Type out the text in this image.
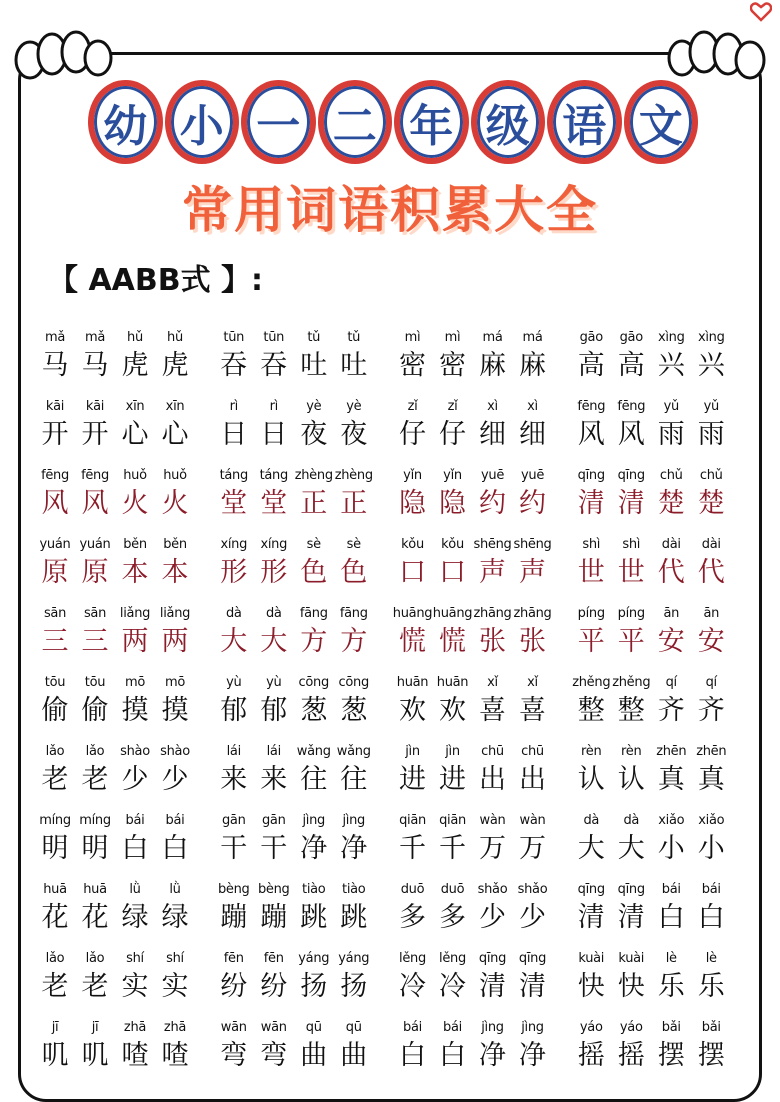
幼 小 一 二 年 级 语 文
常用词语积累大全
【 AABB式 】:
mǎ
马
mǎ
马
hǔ
虎
hǔ
虎
tūn
吞
tūn
吞
tǔ
吐
tǔ
吐
mì
密
mì
密
má
麻
má
麻
gāo
高
gāo
高
xìng
兴
xìng
兴
kāi
开
kāi
开
xīn
心
xīn
心
rì
日
rì
日
yè
夜
yè
夜
zǐ
仔
zǐ
仔
xì
细
xì
细
fēng
风
fēng
风
yǔ
雨
yǔ
雨
fēng
风
fēng
风
huǒ
火
huǒ
火
táng
堂
táng
堂
zhèng
正
zhèng
正
yǐn
隐
yǐn
隐
yuē
约
yuē
约
qīng
清
qīng
清
chǔ
楚
chǔ
楚
yuán
原
yuán
原
běn
本
běn
本
xíng
形
xíng
形
sè
色
sè
色
kǒu
口
kǒu
口
shēng
声
shēng
声
shì
世
shì
世
dài
代
dài
代
sān
三
sān
三
liǎng
两
liǎng
两
dà
大
dà
大
fāng
方
fāng
方
huāng
慌
huāng
慌
zhāng
张
zhāng
张
píng
平
píng
平
ān
安
ān
安
tōu
偷
tōu
偷
mō
摸
mō
摸
yù
郁
yù
郁
cōng
葱
cōng
葱
huān
欢
huān
欢
xǐ
喜
xǐ
喜
zhěng
整
zhěng
整
qí
齐
qí
齐
lǎo
老
lǎo
老
shào
少
shào
少
lái
来
lái
来
wǎng
往
wǎng
往
jìn
进
jìn
进
chū
出
chū
出
rèn
认
rèn
认
zhēn
真
zhēn
真
míng
明
míng
明
bái
白
bái
白
gān
干
gān
干
jìng
净
jìng
净
qiān
千
qiān
千
wàn
万
wàn
万
dà
大
dà
大
xiǎo
小
xiǎo
小
huā
花
huā
花
lǜ
绿
lǜ
绿
bèng
蹦
bèng
蹦
tiào
跳
tiào
跳
duō
多
duō
多
shǎo
少
shǎo
少
qīng
清
qīng
清
bái
白
bái
白
lǎo
老
lǎo
老
shí
实
shí
实
fēn
纷
fēn
纷
yáng
扬
yáng
扬
lěng
冷
lěng
冷
qīng
清
qīng
清
kuài
快
kuài
快
lè
乐
lè
乐
jī
叽
jī
叽
zhā
喳
zhā
喳
wān
弯
wān
弯
qū
曲
qū
曲
bái
白
bái
白
jìng
净
jìng
净
yáo
摇
yáo
摇
bǎi
摆
bǎi
摆
